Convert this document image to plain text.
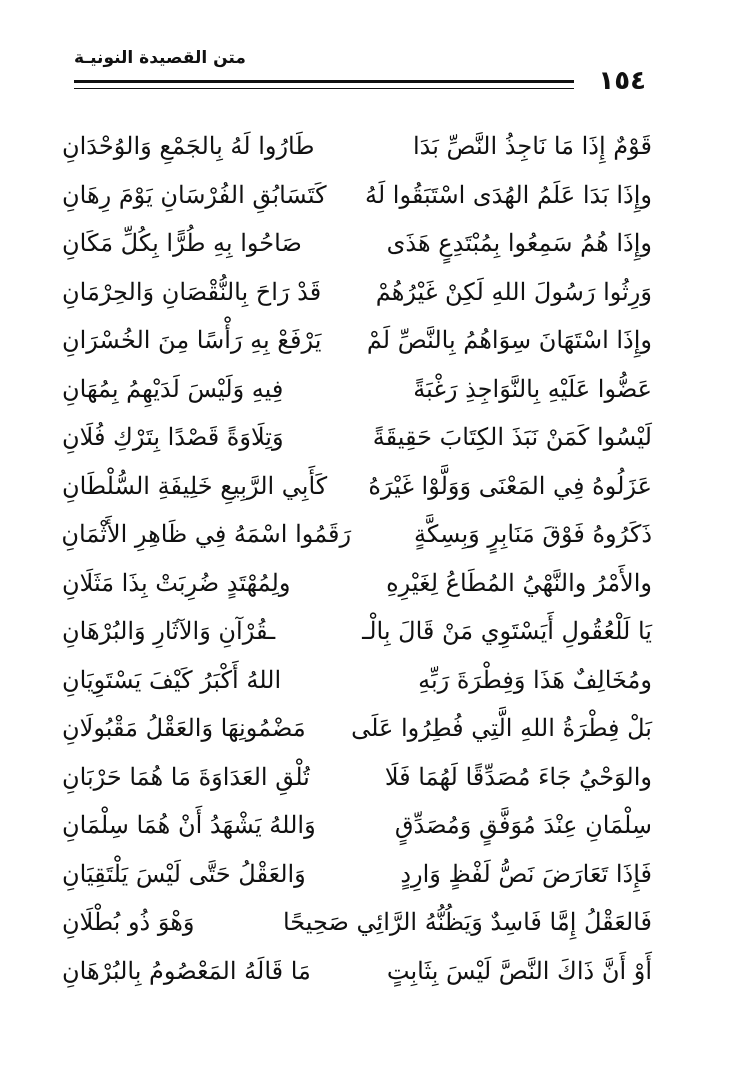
متن القصيدة النونيـة
١٥٤
قَوْمٌ إِذَا مَا نَاجِذُ النَّصِّ بَدَا
طَارُوا لَهُ بِالجَمْعِ وَالوُحْدَانِ
وإِذَا بَدَا عَلَمُ الهُدَى اسْتَبَقُوا لَهُ
كَتَسَابُقِ الفُرْسَانِ يَوْمَ رِهَانِ
وإِذَا هُمُ سَمِعُوا بِمُبْتَدِعٍ هَذَى
صَاحُوا بِهِ طُرًّا بِكُلِّ مَكَانِ
وَرِثُوا رَسُولَ اللهِ لَكِنْ غَيْرُهُمْ
قَدْ رَاحَ بِالنُّقْصَانِ وَالحِرْمَانِ
وإِذَا اسْتَهَانَ سِوَاهُمُ بِالنَّصِّ لَمْ
يَرْفَعْ بِهِ رَأْسًا مِنَ الخُسْرَانِ
عَضُّوا عَلَيْهِ بِالنَّوَاجِذِ رَغْبَةً
فِيهِ وَلَيْسَ لَدَيْهِمُ بِمُهَانِ
لَيْسُوا كَمَنْ نَبَذَ الكِتَابَ حَقِيقَةً
وَتِلَاوَةً قَصْدًا بِتَرْكِ فُلَانِ
عَزَلُوهُ فِي المَعْنَى وَوَلَّوْا غَيْرَهُ
كَأَبِي الرَّبِيعِ خَلِيفَةِ السُّلْطَانِ
ذَكَرُوهُ فَوْقَ مَنَابِرٍ وَبِسِكَّةٍ
رَقَمُوا اسْمَهُ فِي ظَاهِرِ الأَثْمَانِ
والأَمْرُ والنَّهْيُ المُطَاعُ لِغَيْرِهِ
ولِمُهْتَدٍ ضُرِبَتْ بِذَا مَثَلَانِ
يَا لَلْعُقُولِ أَيَسْتَوِي مَنْ قَالَ بِالْـ
ـقُرْآنِ وَالآثَارِ وَالبُرْهَانِ
ومُخَالِفٌ هَذَا وَفِطْرَةَ رَبِّهِ
اللهُ أَكْبَرُ كَيْفَ يَسْتَوِيَانِ
بَلْ فِطْرَةُ اللهِ الَّتِي فُطِرُوا عَلَى
مَضْمُونِهَا وَالعَقْلُ مَقْبُولَانِ
والوَحْيُ جَاءَ مُصَدِّقًا لَهُمَا فَلَا
تُلْقِ العَدَاوَةَ مَا هُمَا حَرْبَانِ
سِلْمَانِ عِنْدَ مُوَفَّقٍ وَمُصَدِّقٍ
وَاللهُ يَشْهَدُ أَنْ هُمَا سِلْمَانِ
فَإِذَا تَعَارَضَ نَصُّ لَفْظٍ وَارِدٍ
وَالعَقْلُ حَتَّى لَيْسَ يَلْتَقِيَانِ
فَالعَقْلُ إِمَّا فَاسِدٌ وَيَظُنُّهُ الرَّائِي صَحِيحًا
وَهْوَ ذُو بُطْلَانِ
أَوْ أَنَّ ذَاكَ النَّصَّ لَيْسَ بِثَابِتٍ
مَا قَالَهُ المَعْصُومُ بِالبُرْهَانِ
